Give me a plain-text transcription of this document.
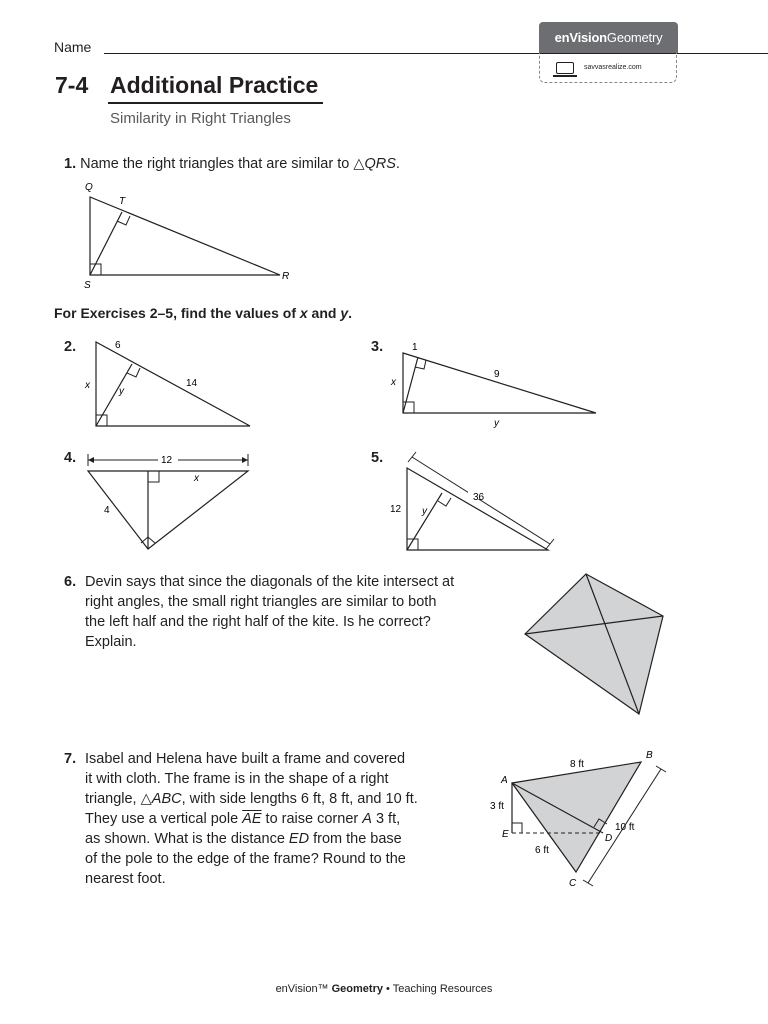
Name
enVision Geometry
savvasrealize.com
7-4 Additional Practice
Similarity in Right Triangles
1. Name the right triangles that are similar to △QRS.
Q
T
S
R
For Exercises 2–5, find the values of x and y.
2.	6
14
x
y
3.	1
9
x
y
4.	12
x
4
5.
36
12 y
6. Devin says that since the diagonals of the kite intersect at
right angles, the small right triangles are similar to both
the left half and the right half of the kite. Is he correct?
Explain.
7. Isabel and Helena have built a frame and covered
it with cloth. The frame is in the shape of a right
triangle, △ABC, with side lengths 6 ft, 8 ft, and 10 ft.
They use a vertical pole $\overline{AE}$ to raise corner A 3 ft,
as shown. What is the distance ED from the base
of the pole to the edge of the frame? Round to the
nearest foot.
A
B
C
D
E
8 ft
3 ft
10 ft
6 ft
enVision™ Geometry • Teaching Resources
